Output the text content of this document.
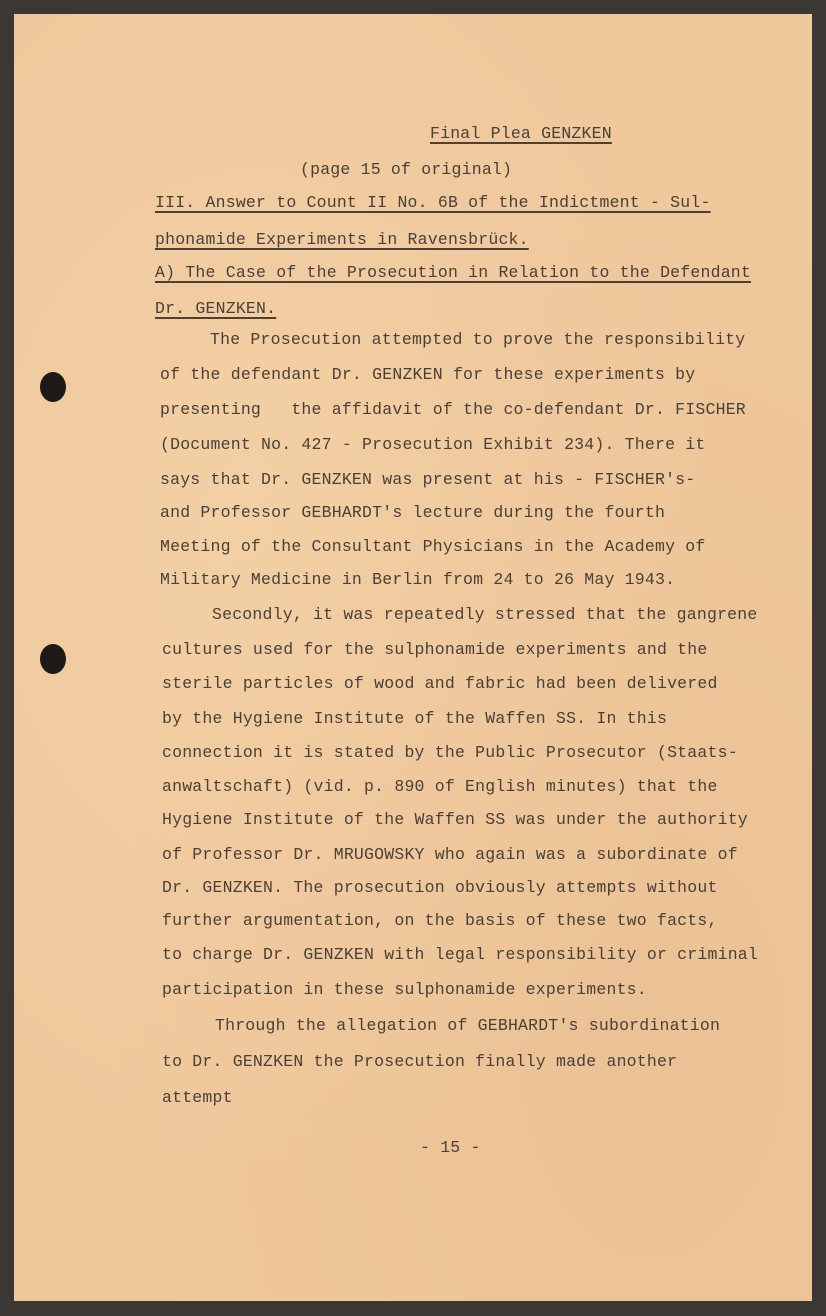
Final Plea GENZKEN
(page 15 of original)
III. Answer to Count II No. 6B of the Indictment - Sul-
phonamide Experiments in Ravensbrück.
A) The Case of the Prosecution in Relation to the Defendant
Dr. GENZKEN.
The Prosecution attempted to prove the responsibility
of the defendant Dr. GENZKEN for these experiments by
presenting   the affidavit of the co-defendant Dr. FISCHER
(Document No. 427 - Prosecution Exhibit 234). There it
says that Dr. GENZKEN was present at his - FISCHER's-
and Professor GEBHARDT's lecture during the fourth
Meeting of the Consultant Physicians in the Academy of
Military Medicine in Berlin from 24 to 26 May 1943.
Secondly, it was repeatedly stressed that the gangrene
cultures used for the sulphonamide experiments and the
sterile particles of wood and fabric had been delivered
by the Hygiene Institute of the Waffen SS. In this
connection it is stated by the Public Prosecutor (Staats-
anwaltschaft) (vid. p. 890 of English minutes) that the
Hygiene Institute of the Waffen SS was under the authority
of Professor Dr. MRUGOWSKY who again was a subordinate of
Dr. GENZKEN. The prosecution obviously attempts without
further argumentation, on the basis of these two facts,
to charge Dr. GENZKEN with legal responsibility or criminal
participation in these sulphonamide experiments.
Through the allegation of GEBHARDT's subordination
to Dr. GENZKEN the Prosecution finally made another
attempt
- 15 -
